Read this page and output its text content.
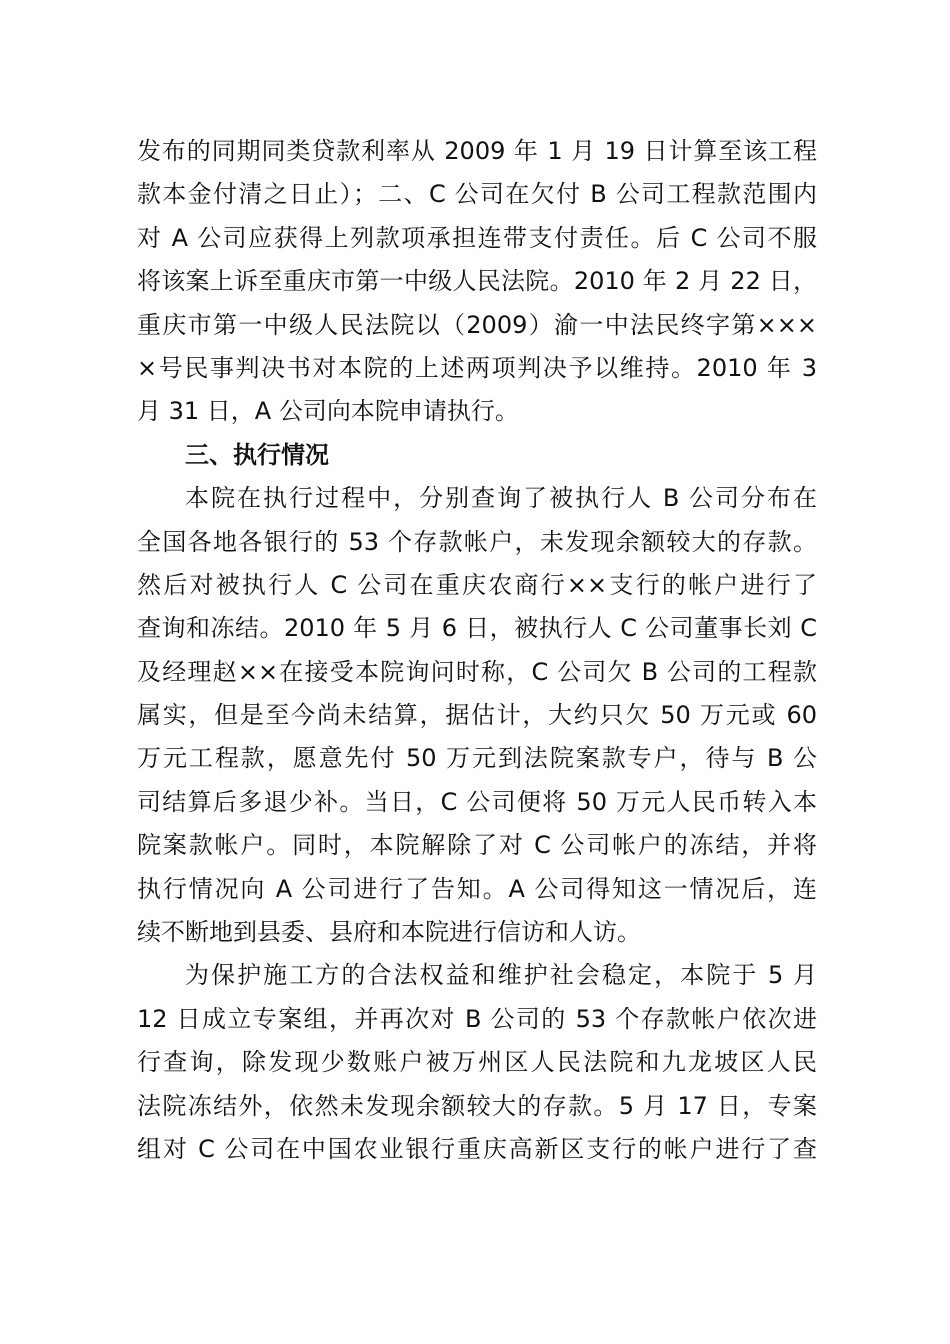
发布的同期同类贷款利率从 2009 年 1 月 19 日计算至该工程
款本金付清之日止）；二、C 公司在欠付 B 公司工程款范围内
对 A 公司应获得上列款项承担连带支付责任。后 C 公司不服
将该案上诉至重庆市第一中级人民法院。2010 年 2 月 22 日，
重庆市第一中级人民法院以（2009）渝一中法民终字第×××
×号民事判决书对本院的上述两项判决予以维持。2010 年 3
月 31 日，A 公司向本院申请执行。
三、执行情况
本院在执行过程中，分别查询了被执行人 B 公司分布在
全国各地各银行的 53 个存款帐户，未发现余额较大的存款。
然后对被执行人 C 公司在重庆农商行××支行的帐户进行了
查询和冻结。2010 年 5 月 6 日，被执行人 C 公司董事长刘 C
及经理赵××在接受本院询问时称，C 公司欠 B 公司的工程款
属实，但是至今尚未结算，据估计，大约只欠 50 万元或 60
万元工程款，愿意先付 50 万元到法院案款专户，待与 B 公
司结算后多退少补。当日，C 公司便将 50 万元人民币转入本
院案款帐户。同时，本院解除了对 C 公司帐户的冻结，并将
执行情况向 A 公司进行了告知。A 公司得知这一情况后，连
续不断地到县委、县府和本院进行信访和人访。
为保护施工方的合法权益和维护社会稳定，本院于 5 月
12 日成立专案组，并再次对 B 公司的 53 个存款帐户依次进
行查询，除发现少数账户被万州区人民法院和九龙坡区人民
法院冻结外，依然未发现余额较大的存款。5 月 17 日，专案
组对 C 公司在中国农业银行重庆高新区支行的帐户进行了查
